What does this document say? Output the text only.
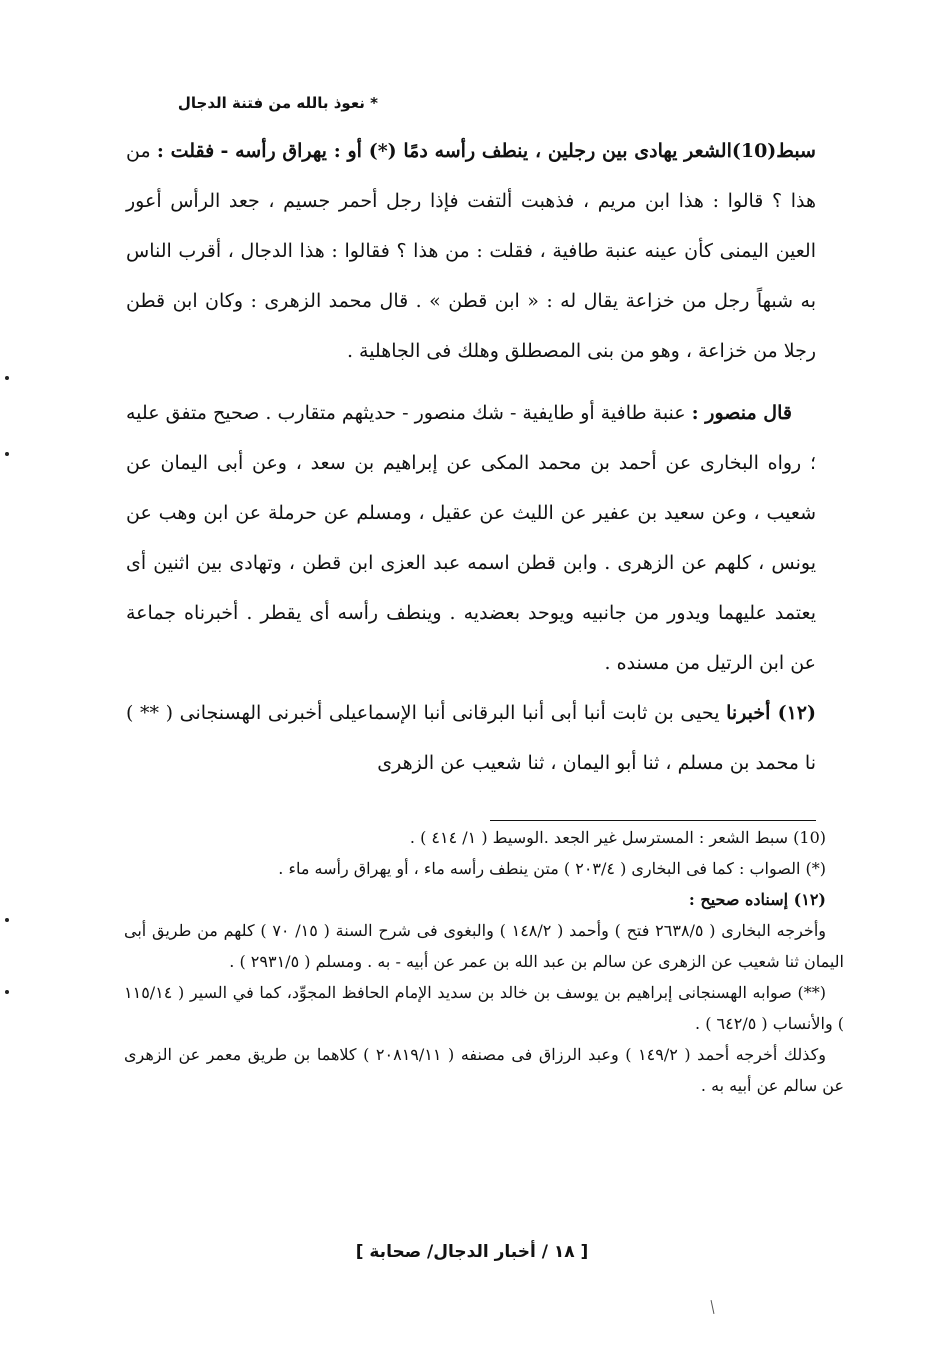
* نعوذ بالله من فتنة الدجال

سبط(10)الشعر يهادى بين رجلين ، ينطف رأسه دمًا (*) أو : يهراق رأسه - فقلت : من هذا ؟ قالوا : هذا ابن مريم ، فذهبت ألتفت فإذا رجل أحمر جسيم ، جعد الرأس أعور العين اليمنى كأن عينه عنبة طافية ، فقلت : من هذا ؟ فقالوا : هذا الدجال ، أقرب الناس به شبهاً رجل من خزاعة يقال له : « ابن قطن » . قال محمد الزهرى : وكان ابن قطن رجلا من خزاعة ، وهو من بنى المصطلق وهلك فى الجاهلية .

قال منصور : عنبة طافية أو طايفية - شك منصور - حديثهم متقارب . صحيح متفق عليه ؛ رواه البخارى عن أحمد بن محمد المكى عن إبراهيم بن سعد ، وعن أبى اليمان عن شعيب ، وعن سعيد بن عفير عن الليث عن عقيل ، ومسلم عن حرملة عن ابن وهب عن يونس ، كلهم عن الزهرى . وابن قطن اسمه عبد العزى ابن قطن ، وتهادى بين اثنين أى يعتمد عليهما ويدور من جانبيه ويوحد بعضديه . وينطف رأسه أى يقطر . أخبرناه جماعة عن ابن الرتيل من مسنده .

(١٢) أخبرنا يحيى بن ثابت أنبا أبى أنبا البرقانى أنبا الإسماعيلى أخبرنى الهسنجانى ( ** ) نا محمد بن مسلم ، ثنا أبو اليمان ، ثنا شعيب عن الزهرى

(10) سبط الشعر : المسترسل غير الجعد .الوسيط ( ١/ ٤١٤ ) .

(*) الصواب : كما فى البخارى ( ٢٠٣/٤ ) متن ينطف رأسه ماء ، أو يهراق رأسه ماء .

(١٢) إسناده صحيح :

وأخرجه البخارى ( ٢٦٣٨/٥ فتح ) وأحمد ( ١٤٨/٢ ) والبغوى فى شرح السنة ( ١٥/ ٧٠ ) كلهم من طريق أبى اليمان ثنا شعيب عن الزهرى عن سالم بن عبد الله بن عمر عن أبيه - به . ومسلم ( ٢٩٣١/٥ ) .

(**) صوابه الهسنجانى إبراهيم بن يوسف بن خالد بن سديد الإمام الحافظ المجوِّد، كما في السير ( ١١٥/١٤ ) والأنساب ( ٦٤٢/٥ ) .

وكذلك أخرجه أحمد ( ١٤٩/٢ ) وعبد الرزاق فى مصنفه ( ٢٠٨١٩/١١ ) كلاهما بن طريق معمر عن الزهرى عن سالم عن أبيه به .

[ ١٨ / أخبار الدجال/ صحابة ]
